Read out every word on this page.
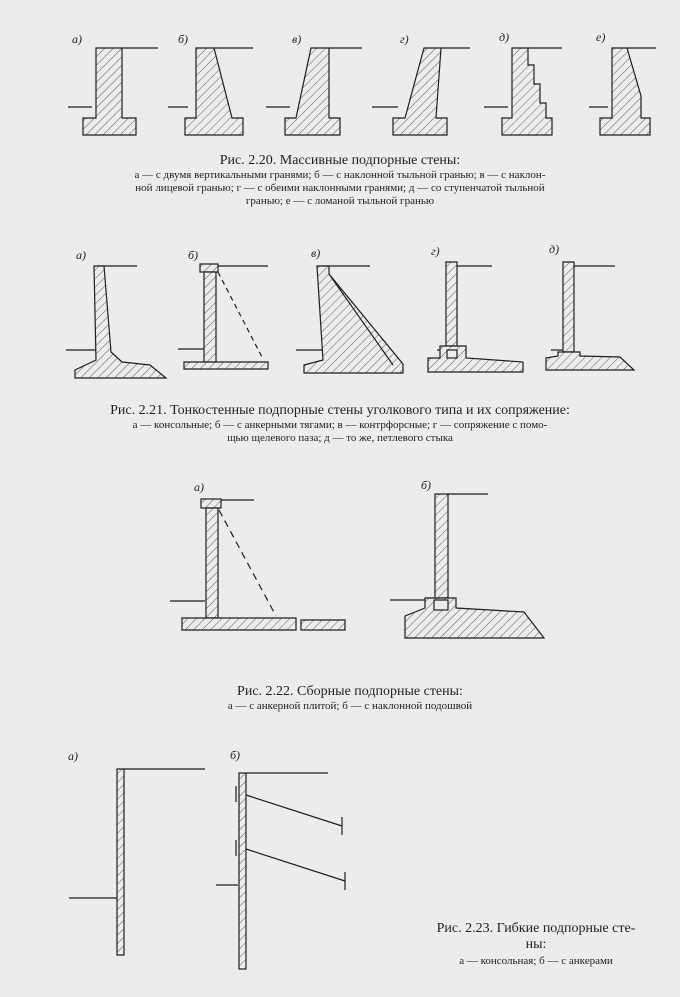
а)	б)	в)	г)	д)	е)
Рис. 2.20. Массивные подпорные стены:
а — с двумя вертикальными гранями; б — с наклонной тыльной гранью; в — с наклон-
ной лицевой гранью; г — с обеими наклонными гранями; д — со ступенчатой тыльной
гранью; е — с ломаной тыльной гранью
а)	б)	в)	г)	д)
Рис. 2.21. Тонкостенные подпорные стены уголкового типа и их сопряжение:
а — консольные; б — с анкерными тягами; в — контрфорсные; г — сопряжение с помо-
щью щелевого паза; д — то же, петлевого стыка
а)	б)
Рис. 2.22. Сборные подпорные стены:
а — с анкерной плитой; б — с наклонной подошвой
а)	б)
Рис. 2.23. Гибкие подпорные сте-
ны:
а — консольная; б — с анкерами
